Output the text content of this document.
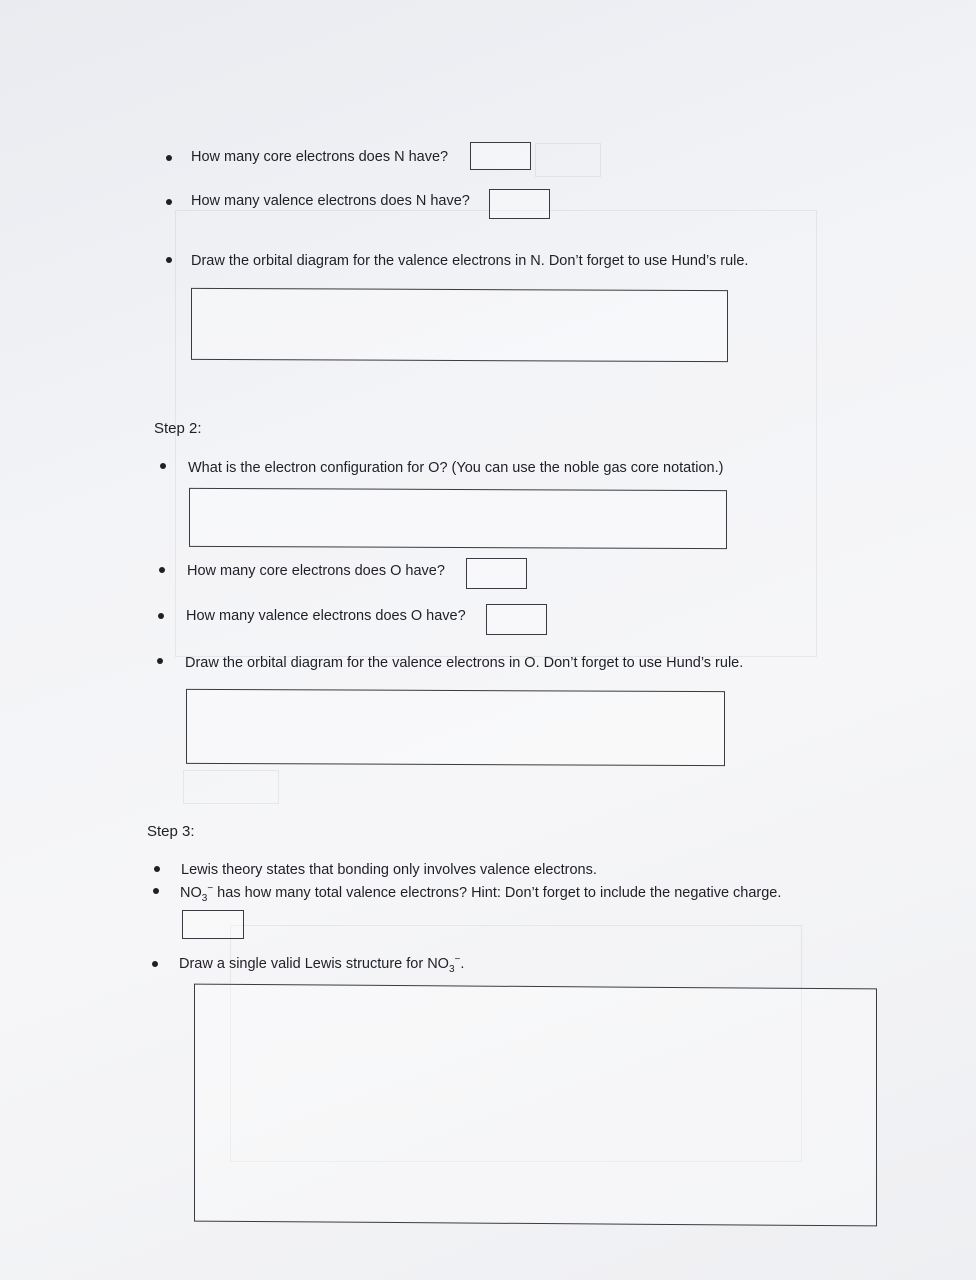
How many core electrons does N have?
How many valence electrons does N have?
Draw the orbital diagram for the valence electrons in N. Don’t forget to use Hund’s rule.
Step 2:
What is the electron configuration for O? (You can use the noble gas core notation.)
How many core electrons does O have?
How many valence electrons does O have?
Draw the orbital diagram for the valence electrons in O. Don’t forget to use Hund’s rule.
Step 3:
Lewis theory states that bonding only involves valence electrons.
$NO_3^-$ has how many total valence electrons? Hint: Don’t forget to include the negative charge.
Draw a single valid Lewis structure for $NO_3^-$.
